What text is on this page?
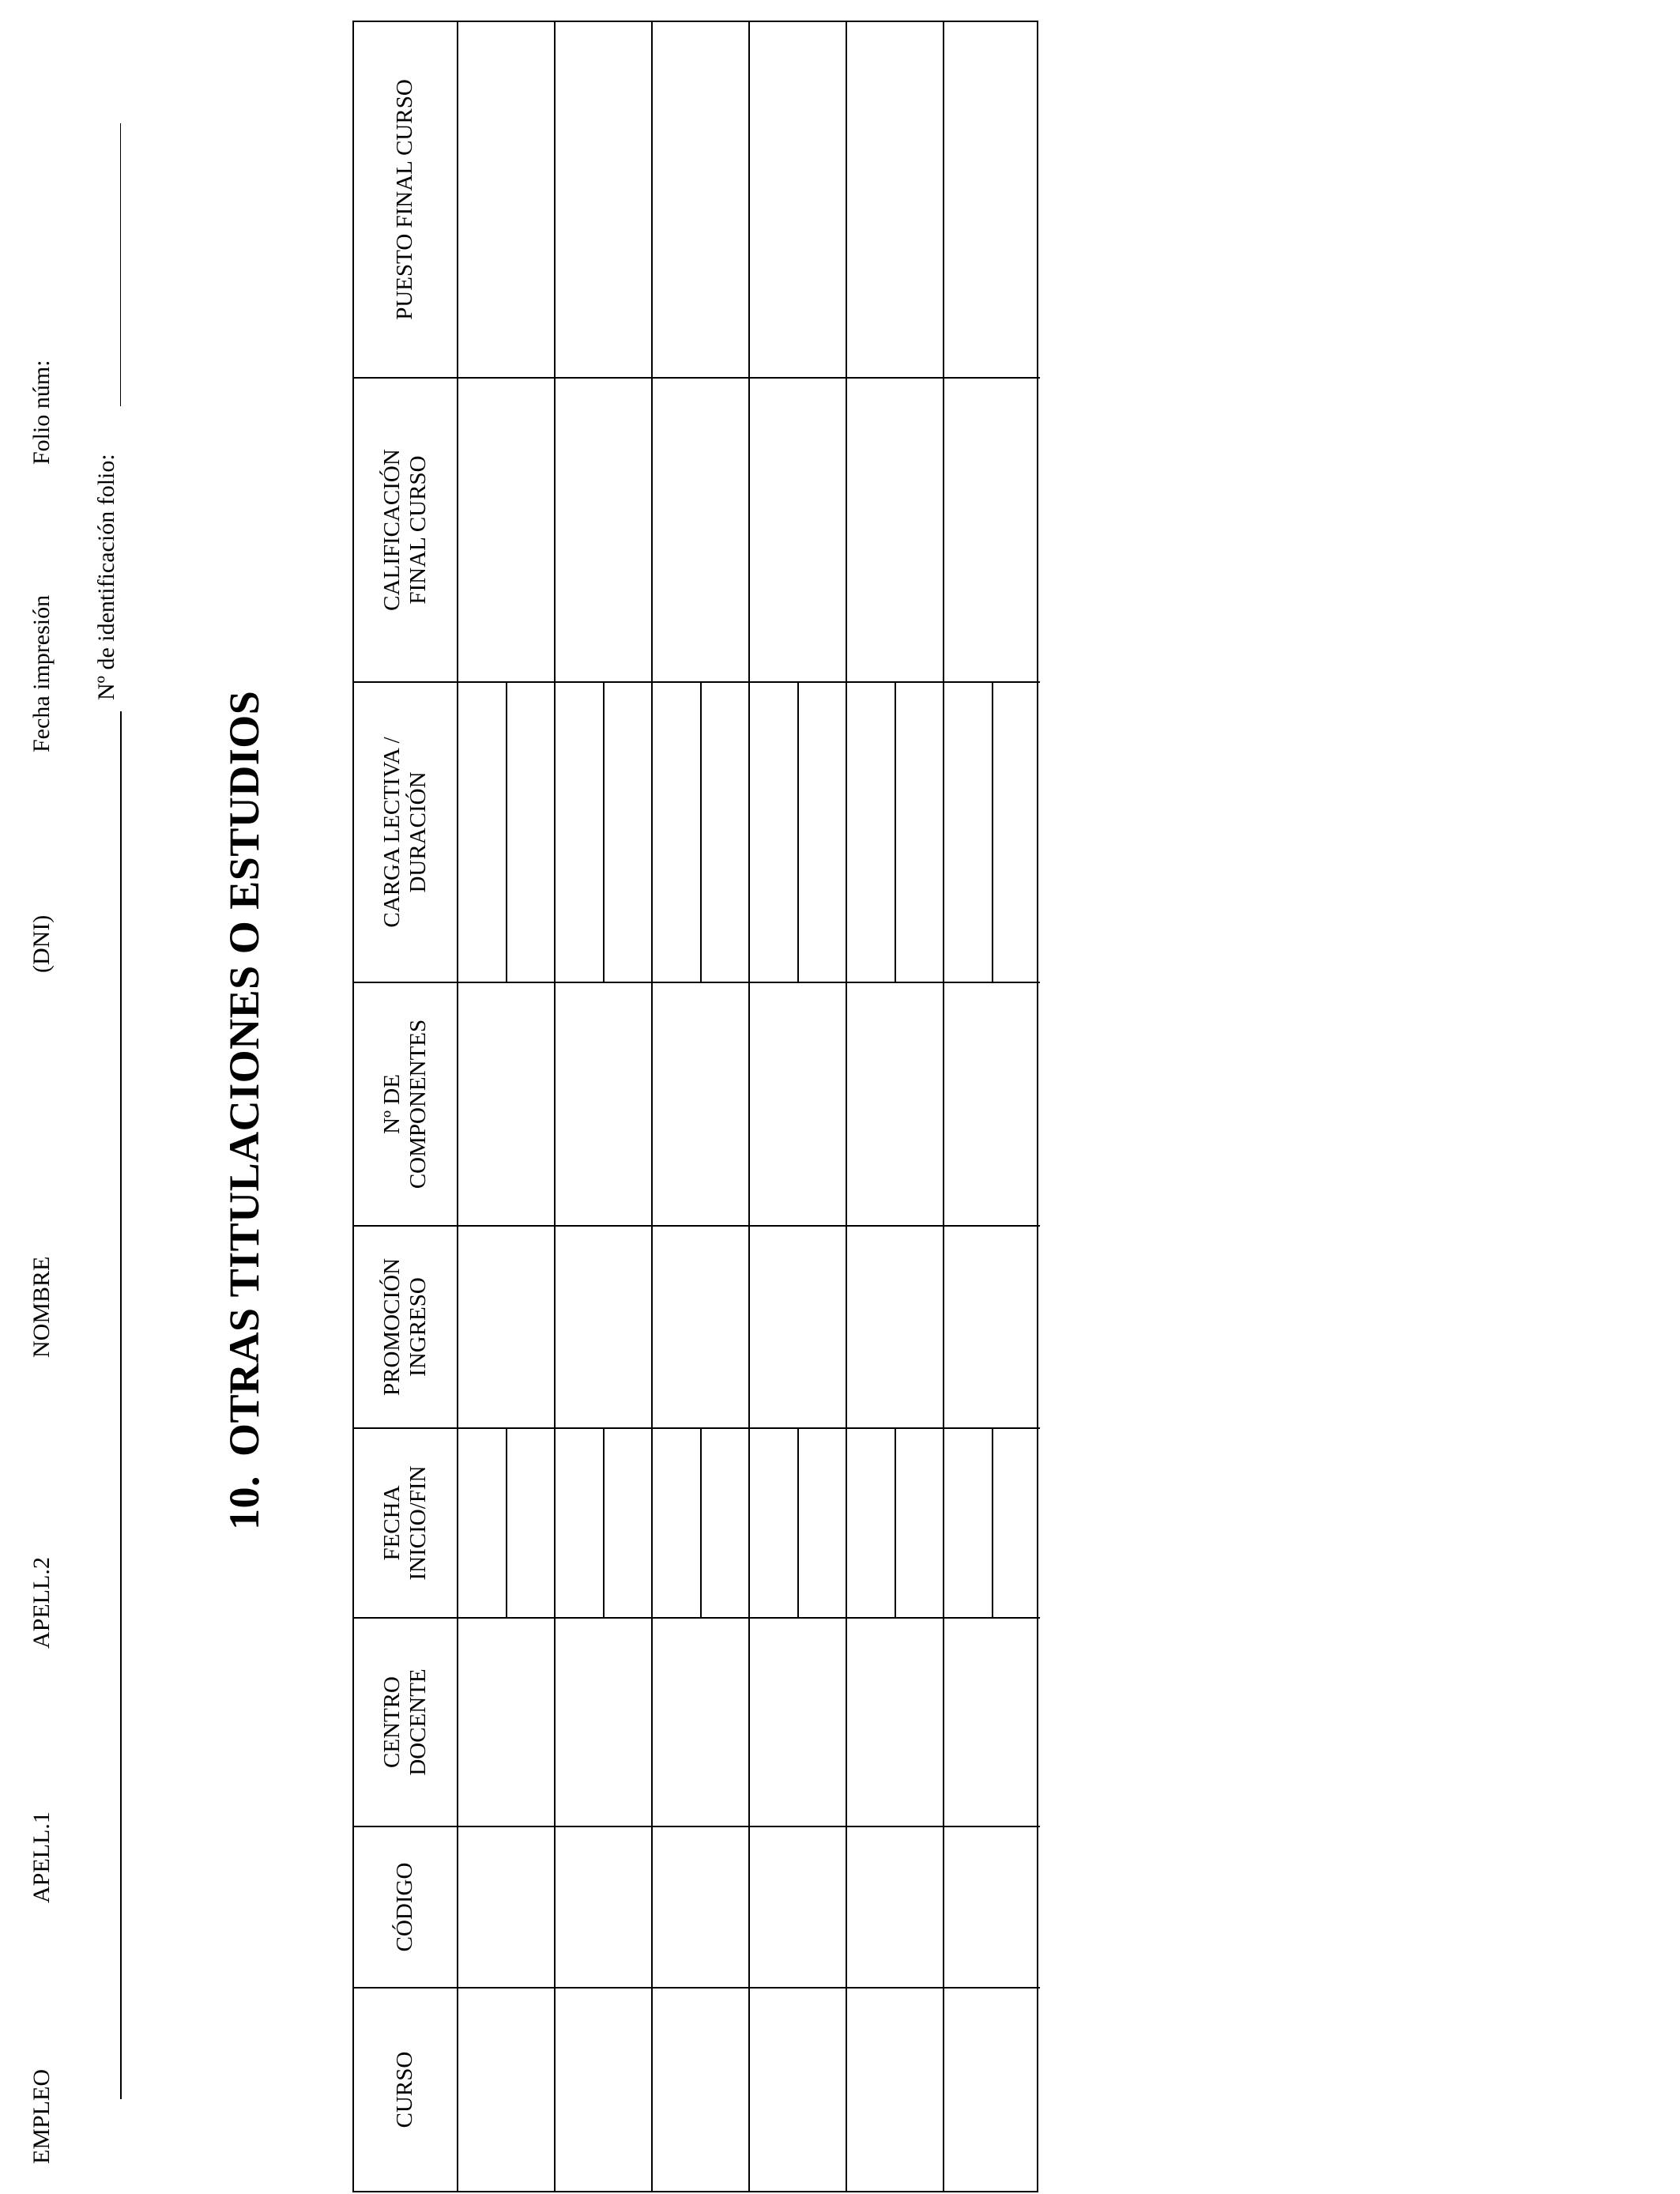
EMPLEO
APELL.1
APELL.2
NOMBRE
(DNI)
Fecha impresión
Folio núm:
Nº de identificación folio:
10.OTRAS TITULACIONES O ESTUDIOS
CURSO
CÓDIGO
CENTRO
DOCENTE
FECHA
INICIO/FIN
PROMOCIÓN
INGRESO
Nº DE
COMPONENTES
CARGA LECTIVA /
DURACIÓN
CALIFICACIÓN
FINAL CURSO
PUESTO FINAL CURSO
